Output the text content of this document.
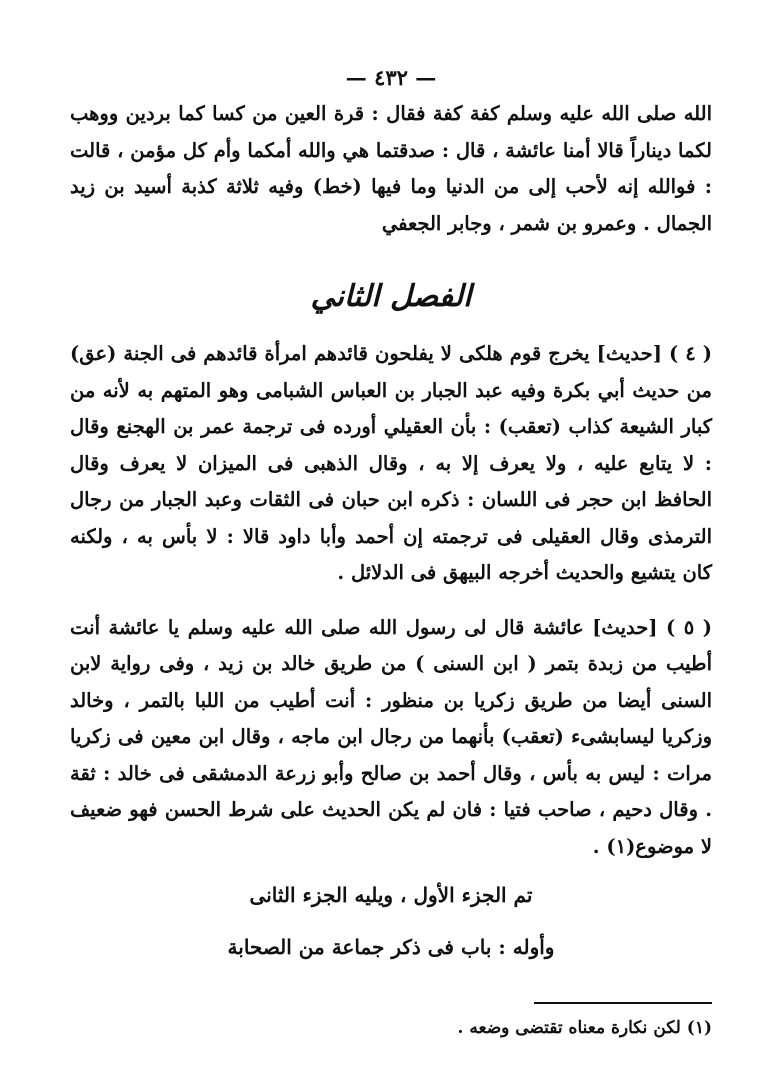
— ٤٣٢ —

الله صلى الله عليه وسلم كفة كفة فقال : قرة العين من كسا كما بردين ووهب لكما ديناراً قالا أمنا عائشة ، قال : صدقتما هي والله أمكما وأم كل مؤمن ، قالت : فوالله إنه لأحب إلى من الدنيا وما فيها (خط) وفيه ثلاثة كذبة أسيد بن زيد الجمال . وعمرو بن شمر ، وجابر الجعفي

الفصل الثاني

( ٤ ) [حديث] يخرج قوم هلكى لا يفلحون قائدهم امرأة قائدهم فى الجنة (عق) من حديث أبي بكرة وفيه عبد الجبار بن العباس الشبامى وهو المتهم به لأنه من كبار الشيعة كذاب (تعقب) : بأن العقيلي أورده فى ترجمة عمر بن الهجنع وقال : لا يتابع عليه ، ولا يعرف إلا به ، وقال الذهبى فى الميزان لا يعرف وقال الحافظ ابن حجر فى اللسان : ذكره ابن حبان فى الثقات وعبد الجبار من رجال الترمذى وقال العقيلى فى ترجمته إن أحمد وأبا داود قالا : لا بأس به ، ولكنه كان يتشيع والحديث أخرجه البيهق فى الدلائل .

( ٥ ) [حديث] عائشة قال لى رسول الله صلى الله عليه وسلم يا عائشة أنت أطيب من زبدة بتمر ( ابن السنى ) من طريق خالد بن زيد ، وفى رواية لابن السنى أيضا من طريق زكريا بن منظور : أنت أطيب من اللبا بالتمر ، وخالد وزكريا ليسابشىء (تعقب) بأنهما من رجال ابن ماجه ، وقال ابن معين فى زكريا مرات : ليس به بأس ، وقال أحمد بن صالح وأبو زرعة الدمشقى فى خالد : ثقة . وقال دحيم ، صاحب فتيا : فان لم يكن الحديث على شرط الحسن فهو ضعيف لا موضوع(١) .

تم الجزء الأول ، ويليه الجزء الثانى

وأوله : باب فى ذكر جماعة من الصحابة

(١) لكن نكارة معناه تقتضى وضعه .
